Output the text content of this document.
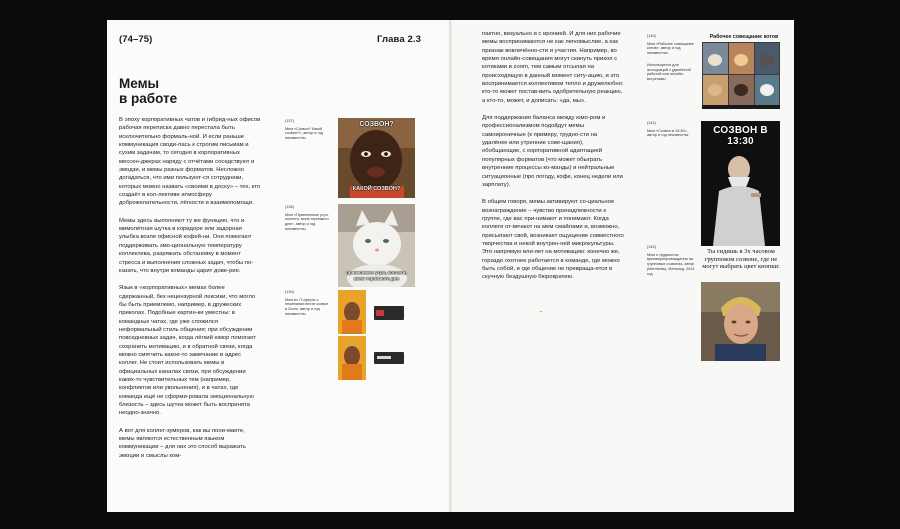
(74–75)	Глава 2.3
Мемы
в работе

В эпоху корпоративных чатов и гибрид-ных офисов рабочая переписка давно перестала быть исключительно формаль-ной. И если раньше коммуникация своди-лась к строгим письмам и сухим задачам, то сегодня в корпоративных мессен-джерах наряду с отчётами соседствуют и эмодзи, и мемы разных форматов. Несложно догадаться, что ими пользуют-ся сотрудники, которых можно назвать «своими в доску» – тех, кто создаёт в кол-лективе атмосферу доброжелательности, лёгкости и взаимопомощи.

Мемы здесь выполняют ту же функцию, что и мимолётная шутка в коридоре или задорная улыбка возле офисной кофей-ни. Они помогают поддерживать эмо-циональную температуру коллектива, разряжать обстановку в момент стресса и выполнения сложных задач, чтобы по-казать, что внутри команды царит дове-рие.

Язык в «корпоративных» мемах более сдержанный, без нецензурной лексики, что могло бы быть приемлемо, например, в дружеских приколах. Подобные картин-ки уместны: в командных чатах, где уже сложился неформальный стиль общения; при обсуждении повседневных задач, когда лёгкий юмор помогает сохранить мотивацию, и в обратной связи, когда можно смягчить какое-то замечание в адрес коллег. Не стоит использовать мемы в официальных каналах связи, при обсуждении каких-то чувствительных тем (например, конфликтов или увольнения), и в чатах, где команда ещё не сформи-ровала эмоциональную близость – здесь шутка может быть воспринята неодно-значно.

А вот для коллег-зумеров, как вы пони-маете, мемы являются естественным языком коммуникации – для них это способ выражать эмоции и смыслы ком-

(137)
Мем «Созвон? Какой созвон?», автор и год неизвестны
СОЗВОН?
КАКОЙ СОЗВОН?
(138)
Мем «Приемлемое утро, коллеги, всем терпимого дня», автор и год неизвестны
приемлемое утро, коллеги, всем терпимого дня
(139)
Мем из IT-сферы о нежелании вести созвон в Zoom, автор и год неизвестны

пактно, визуально и с иронией. И для них рабочие мемы воспринимаются не как легкомыслие, а как признак вовлечённо-сти и участия. Например, во время онлайн-совещания могут скинуть прикол с котиками в zoom, тем самым отсылая на происходящую в данный момент ситу-ацию, и это воспринимается коллективом тепло и дружелюбно: кто-то может постав-вить одобрительную реакцию, а кто-то, может, и дописать: «да, мы».

Для поддержания баланса между юмо-ром и профессионализмом подойдут мемы самоироничные (к примеру, трудно-сти на удалёнке или утренние сове-щания), обобщающие, с корпоративной адаптацией популярных форматов (что может обыграть внутренние процессы ко-манды) и нейтральные ситуационные (про погоду, кофе, конец недели или зарплату).

В общем говоря, мемы активируют со-циальное вознаграждение – чувство принадлежности к группе, где вас при-нимают и понимают. Когда коллеги от-вечают на мем смайлами и, возможно, присылают свой, возникает ощущение совместного творчества и некой внутрен-ней микрокультуры. Это напрямую вли-яет на мотивацию: конечно же, гораздо охотнее работается в команде, где можно быть собой, и где общение не превраща-ется в скучную бездушную бюрократию.

(140)
Мем «Рабочее совещание котов», автор и год неизвестны
Используется для ассоциаций с удалённой работой или онлайн-встречами
Рабочее совещание котов
(141)
Мем «Созвон в 13:30», автор и год неизвестны	СОЗВОН В 13:30
(142)
Мем о трудностях времяпрепровождения на групповых созвонах, автор (Memfonts), Memolog, 2024 год
Ты сидишь в 3х часовом групповом созвоне, где не могут выбрать цвет кнопки:
